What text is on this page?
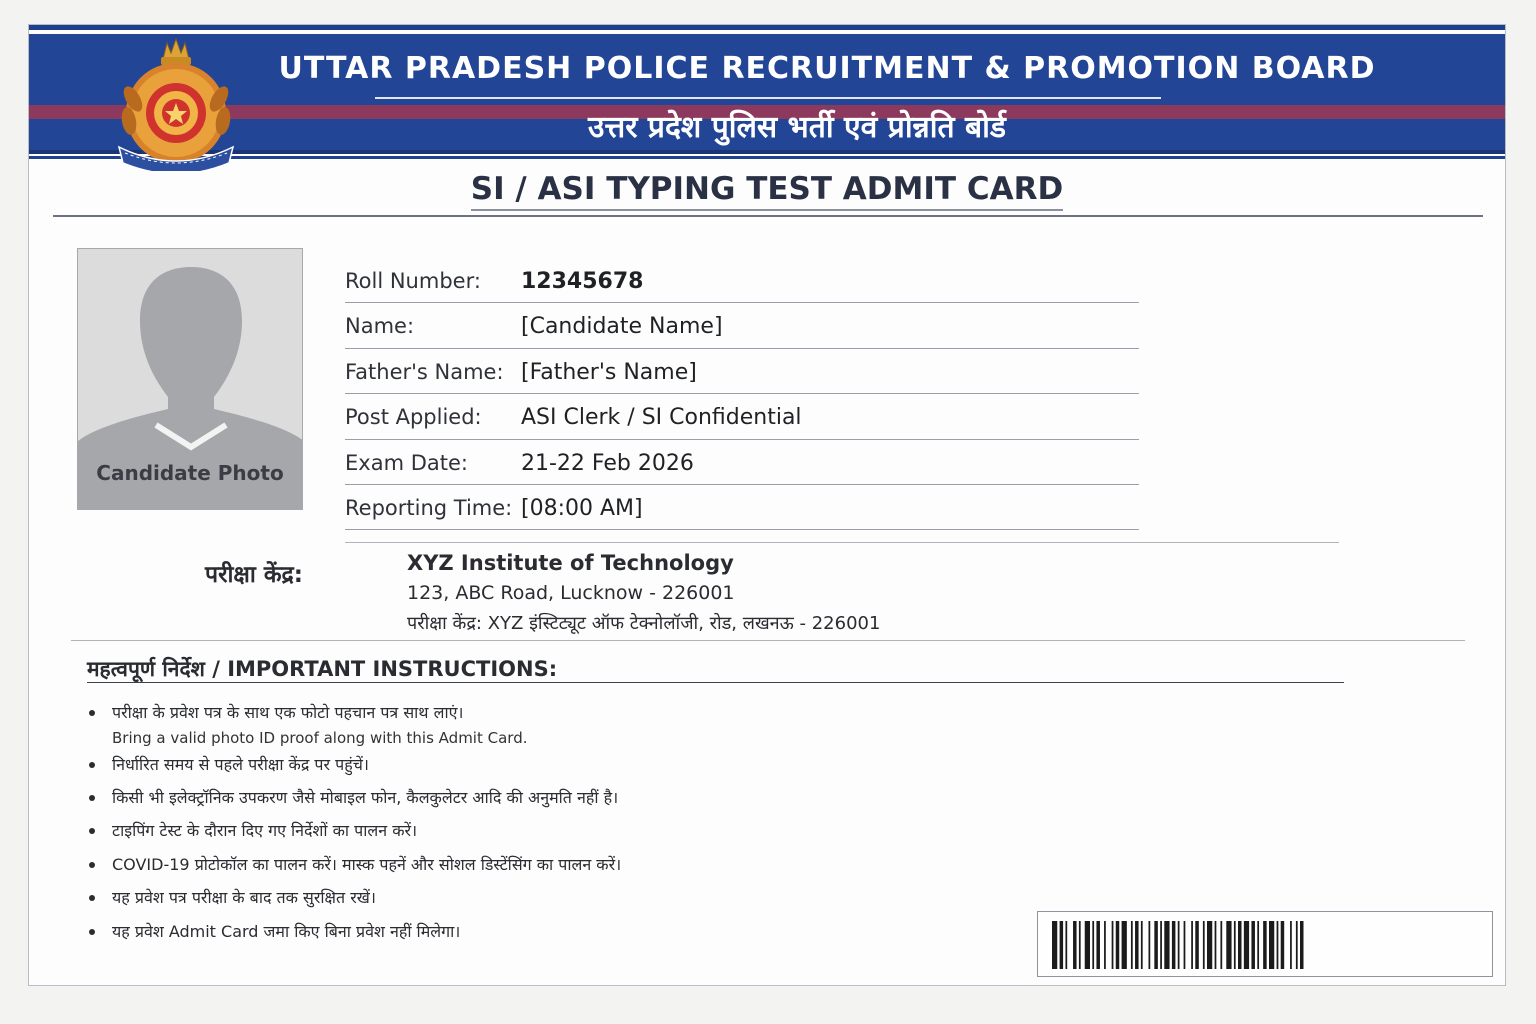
UTTAR PRADESH POLICE RECRUITMENT & PROMOTION BOARD
उत्तर प्रदेश पुलिस भर्ती एवं प्रोन्नति बोर्ड
SI / ASI TYPING TEST ADMIT CARD
Candidate Photo
Roll Number: 12345678
Name:	[Candidate Name]
Father's Name: [Father's Name]
Post Applied: ASI Clerk / SI Confidential
Exam Date: 21-22 Feb 2026
Reporting Time: [08:00 AM]
परीक्षा केंद्र:	XYZ Institute of Technology
123, ABC Road, Lucknow - 226001
परीक्षा केंद्र: XYZ इंस्टिट्यूट ऑफ टेक्नोलॉजी, रोड, लखनऊ - 226001
महत्वपूर्ण निर्देश / IMPORTANT INSTRUCTIONS:
परीक्षा के प्रवेश पत्र के साथ एक फोटो पहचान पत्र साथ लाएं।
Bring a valid photo ID proof along with this Admit Card.
निर्धारित समय से पहले परीक्षा केंद्र पर पहुंचें।
किसी भी इलेक्ट्रॉनिक उपकरण जैसे मोबाइल फोन, कैलकुलेटर आदि की अनुमति नहीं है।
टाइपिंग टेस्ट के दौरान दिए गए निर्देशों का पालन करें।
COVID-19 प्रोटोकॉल का पालन करें। मास्क पहनें और सोशल डिस्टेंसिंग का पालन करें।
यह प्रवेश पत्र परीक्षा के बाद तक सुरक्षित रखें।
यह प्रवेश Admit Card जमा किए बिना प्रवेश नहीं मिलेगा।
